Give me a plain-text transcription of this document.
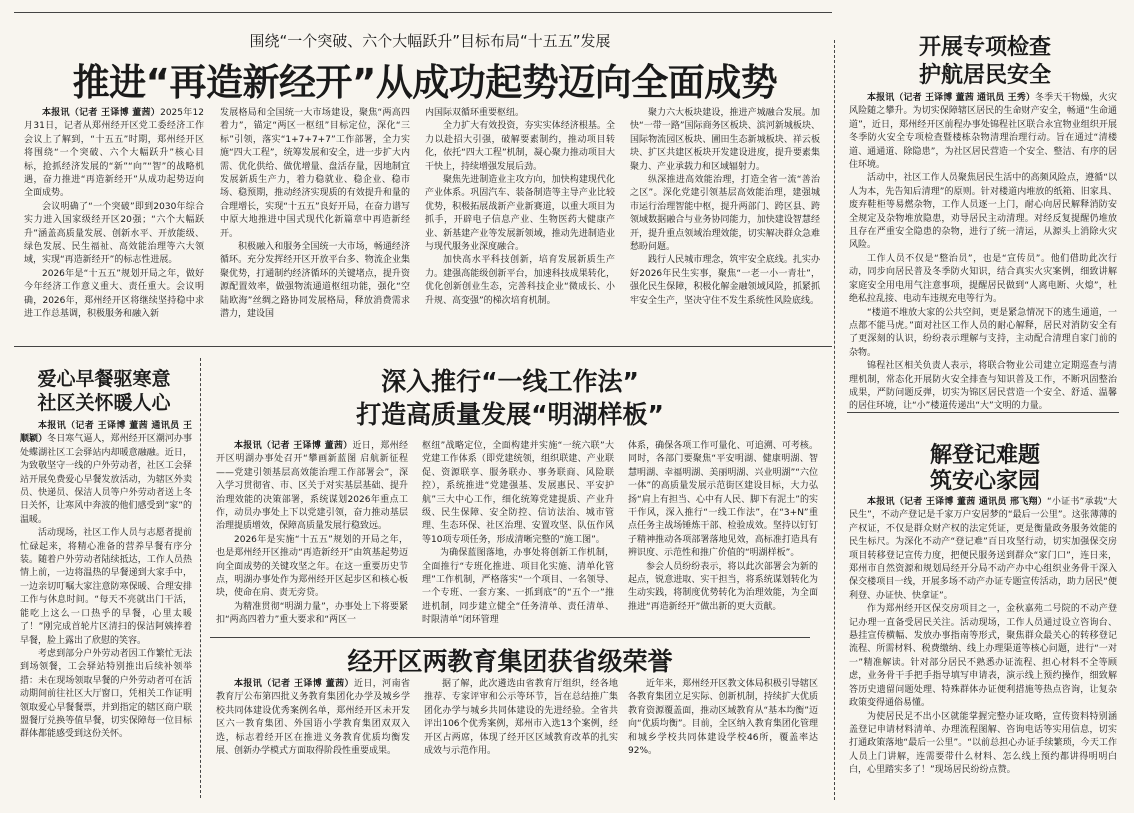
围绕“一个突破、六个大幅跃升”目标布局“十五五”发展
推进“再造新经开”从成功起势迈向全面成势

本报讯（记者 王译博 董茜）2025年12月31日，记者从郑州经开区党工委经济工作会议上了解到，“十五五”时期，郑州经开区将围绕“一个突破、六个大幅跃升”核心目标，抢抓经济发展的“新”“向”“智”的战略机遇，奋力推进“再造新经开”从成功起势迈向全面成势。

会议明确了“一个突破”即到2030年综合实力进入国家级经开区20强；“六个大幅跃升”涵盖高质量发展、创新水平、开放能级、绿色发展、民生福祉、高效能治理等六大领域，实现“再造新经开”的标志性进展。

2026年是“十五五”规划开局之年，做好今年经济工作意义重大、责任重大。会议明确，2026年，郑州经开区将继续坚持稳中求进工作总基调，积极服务和融入新

发展格局和全国统一大市场建设，聚焦“两高四着力”，锚定“两区一枢纽”目标定位，深化“三标”引领，落实“1+7+7+7”工作部署，全力实施“四大工程”，统筹发展和安全，进一步扩大内需、优化供给、做优增量、盘活存量，因地制宜发展新质生产力，着力稳就业、稳企业、稳市场、稳预期，推动经济实现质的有效提升和量的合理增长，实现“十五五”良好开局，在奋力谱写中原大地推进中国式现代化新篇章中再造新经开。

积极融入和服务全国统一大市场，畅通经济循环。充分发挥经开区开放平台多、物流企业集聚优势，打通制约经济循环的关键堵点，提升资源配置效率，做强物流通道枢纽功能，强化“空陆欧海”丝绸之路协同发展格局，释放消费需求潜力，建设国

内国际双循环重要枢纽。

全力扩大有效投资，夯实实体经济根基。全力以赴招大引强，破解要素制约，推动项目转化，依托“四大工程”机制，凝心聚力推动项目大干快上，持续增强发展后劲。

聚焦先进制造业主攻方向，加快构建现代化产业体系。巩固汽车、装备制造等主导产业比较优势，积极拓展战新产业新赛道，以重大项目为抓手，开辟电子信息产业、生物医药大健康产业、新基建产业等发展新领域，推动先进制造业与现代服务业深度融合。

加快高水平科技创新，培育发展新质生产力。建强高能级创新平台，加速科技成果转化，优化创新创业生态，完善科技企业“微成长、小升规、高变强”的梯次培育机制。

聚力六大板块建设，推进产城融合发展。加快“一带一路”国际商务区板块、滨河新城板块、国际物流园区板块、圃田生态新城板块、祥云板块、扩区共建区板块开发建设进度，提升要素集聚力、产业承载力和区域辐射力。

纵深推进高效能治理，打造全省一流“善治之区”。深化党建引领基层高效能治理，建强城市运行治理智能中枢，提升两部门、跨区县、跨领域数据融合与业务协同能力，加快建设智慧经开，提升重点领域治理效能，切实解决群众急难愁盼问题。

践行人民城市理念，筑牢安全底线。扎实办好2026年民生实事，聚焦“一老一小一青壮”，强化民生保障，积极化解金融领域风险，抓紧抓牢安全生产，坚决守住不发生系统性风险底线。

开展专项检查
护航居民安全

本报讯（记者 王译博 董茜 通讯员 王秀）冬季天干物燥，火灾风险随之攀升。为切实保障辖区居民的生命财产安全，畅通“生命通道”，近日，郑州经开区前程办事处锦程社区联合永宜物业组织开展冬季防火安全专项检查暨楼栋杂物清理治理行动。旨在通过“清楼道、通通道、除隐患”，为社区居民营造一个安全、整洁、有序的居住环境。

活动中，社区工作人员聚焦居民生活中的高频风险点，遵循“以人为本，先告知后清理”的原则。针对楼道内堆放的纸箱、旧家具、废弃鞋柜等易燃杂物，工作人员逐一上门，耐心向居民解释消防安全规定及杂物堆放隐患，劝导居民主动清理。对经反复提醒仍堆放且存在严重安全隐患的杂物，进行了统一清运，从源头上消除火灾风险。

工作人员不仅是“整治员”，也是“宣传员”。他们借助此次行动，同步向居民普及冬季防火知识，结合真实火灾案例，细致讲解家庭安全用电用气注意事项，提醒居民做到“人离电断、火熄”，杜绝私拉乱接、电动车违规充电等行为。

“楼道不堆放大家的公共空间，更是紧急情况下的逃生通道，一点都不能马虎。”面对社区工作人员的耐心解释，居民对消防安全有了更深刻的认识，纷纷表示理解与支持，主动配合清理自家门前的杂物。

锦程社区相关负责人表示，将联合物业公司建立定期巡查与清理机制，常态化开展防火安全排查与知识普及工作，不断巩固整治成果，严防问题反弹，切实为锦区居民营造一个安全、舒适、温馨的居住环境，让“小”楼道传递出“大”文明的力量。

爱心早餐驱寒意
社区关怀暖人心

本报讯（记者 王译博 董茜 通讯员 王顺颖）冬日寒气逼人，郑州经开区潮河办事处蝶湖社区工会驿站内却暖意融融。近日，为致敬坚守一线的户外劳动者，社区工会驿站开展免费爱心早餐发放活动，为辖区外卖员、快递员、保洁人员等户外劳动者送上冬日关怀，让寒风中奔波的他们感受到“家”的温暖。

活动现场，社区工作人员与志愿者提前忙碌起来，将精心准备的营养早餐有序分装。随着户外劳动者陆续抵达，工作人员热情上前，一边将温热的早餐递到大家手中，一边亲切叮嘱大家注意防寒保暖、合理安排工作与休息时间。“每天不亮就出门干活，能吃上这么一口热乎的早餐，心里太暖了！”刚完成首轮片区清扫的保洁阿姨捧着早餐，脸上露出了欣慰的笑容。

考虑到部分户外劳动者因工作繁忙无法到场领餐，工会驿站特别推出后续补领举措：未在现场领取早餐的户外劳动者可在活动期间前往社区大厅窗口，凭相关工作证明领取爱心早餐餐票，并到指定的辖区商户联盟餐厅兑换等值早餐，切实保障每一位目标群体都能感受到这份关怀。

深入推行“一线工作法”
打造高质量发展“明湖样板”

本报讯（记者 王译博 董茜）近日，郑州经开区明湖办事处召开“攀画新蓝图 启航新征程——党建引领基层高效能治理工作部署会”，深入学习贯彻省、市、区关于对实基层基础、提升治理效能的决策部署，系统谋划2026年重点工作，动员办事处上下以党建引领，奋力推动基层治理提质增效，保障高质量发展行稳致远。

2026年是实施“十五五”规划的开局之年，也是郑州经开区推动“再造新经开”由筑基起势迈向全面成势的关键攻坚之年。在这一重要历史节点，明湖办事处作为郑州经开区起步区和核心板块，使命在肩、责无旁贷。

为精准贯彻“明湖力量”，办事处上下将要紧扣“两高四着力”重大要求和“两区一

枢纽”战略定位，全面构建并实施“一统六联”大党建工作体系（即党建统领，组织联建、产业联促、资源联享、服务联办、事务联商、风险联控），系统推进“党建强基、发展惠民、平安护航”三大中心工作，细化统筹党建提质、产业升级、民生保障、安全防控、信访法治、城市管理、生态环保、社区治理、安置攻坚、队伍作风等10项专项任务，形成清晰完整的“施工图”。

为确保蓝图落地，办事处将创新工作机制，全面推行“专班化推进、项目化实施、清单化管理”工作机制，严格落实“一个项目、一名领导、一个专班、一套方案、一抓到底”的“五个一”推进机制，同步建立健全“任务清单、责任清单、时限清单”闭环管理

体系，确保各项工作可量化、可追溯、可考核。同时，各部门要聚焦“平安明湖、健康明湖、智慧明湖、幸福明湖、美丽明湖、兴业明湖”“六位一体”的高质量发展示范街区建设目标，大力弘扬“肩上有担当、心中有人民、脚下有泥土”的实干作风，深入推行“一线工作法”，在“3+N”重点任务主战场锤炼干部、检验成效。坚持以钉钉子精神推动各项部署落地见效，高标准打造具有辨识度、示范性和推广价值的“明湖样板”。

参会人员纷纷表示，将以此次部署会为新的起点，锐意进取、实干担当，将系统谋划转化为生动实践，将制度优势转化为治理效能，为全面推进“再造新经开”做出新的更大贡献。

解登记难题
筑安心家园

本报讯（记者 王译博 董茜 通讯员 邢飞翔）“小证书”承载“大民生”，不动产登记是千家万户安居梦的“最后一公里”。这张薄薄的产权证，不仅是群众财产权的法定凭证，更是衡量政务服务效能的民生标尺。为深化不动产“登记难”百日攻坚行动，切实加强保交房项目转移登记宣传力度，把便民服务送到群众“家门口”，连日来，郑州市自然资源和规划局经开分局不动产办中心组织业务骨干深入保交楼项目一线，开展多场不动产办证专题宣传活动，助力居民“便利登、办证快、快拿证”。

作为郑州经开区保交房项目之一，金秋嘉苑二号院的不动产登记办理一直备受居民关注。活动现场，工作人员通过设立咨询台、悬挂宣传横幅、发放办事指南等形式，聚焦群众最关心的转移登记流程、所需材料、税费缴纳、线上办理渠道等核心问题，进行“一对一”精准解读。针对部分居民不熟悉办证流程、担心材料不全等顾虑，业务骨干手把手指导填写申请表，演示线上预约操作，细致解答历史遗留问题处理、特殊群体办证便利措施等热点咨询，让复杂政策变得通俗易懂。

为使居民足不出小区就能掌握完整办证攻略，宣传资料特别涵盖登记申请材料清单、办理流程图解、咨询电话等实用信息，切实打通政策落地“最后一公里”。“以前总担心办证手续繁琐，今天工作人员上门讲解，连需要带什么材料、怎么线上预约都讲得明明白白，心里踏实多了！”现场居民纷纷点赞。

经开区两教育集团获省级荣誉

本报讯（记者 王译博 董茜）近日，河南省教育厅公布第四批义务教育集团化办学及城乡学校共同体建设优秀案例名单，郑州经开区未开发区六一教育集团、外国语小学教育集团双双入选，标志着经开区在推进义务教育优质均衡发展、创新办学模式方面取得阶段性重要成果。

据了解，此次遴选由省教育厅组织，经各地推荐、专家评审和公示等环节，旨在总结推广集团化办学与城乡共同体建设的先进经验。全省共评出106个优秀案例，郑州市入选13个案例，经开区占两席，体现了经开区区域教育改革的扎实成效与示范作用。

近年来，郑州经开区教文体局积极引导辖区各教育集团立足实际、创新机制，持续扩大优质教育资源覆盖面，推动区域教育从“基本均衡”迈向“优质均衡”。目前，全区纳入教育集团化管理和城乡学校共同体建设学校46所，覆盖率达92%。
